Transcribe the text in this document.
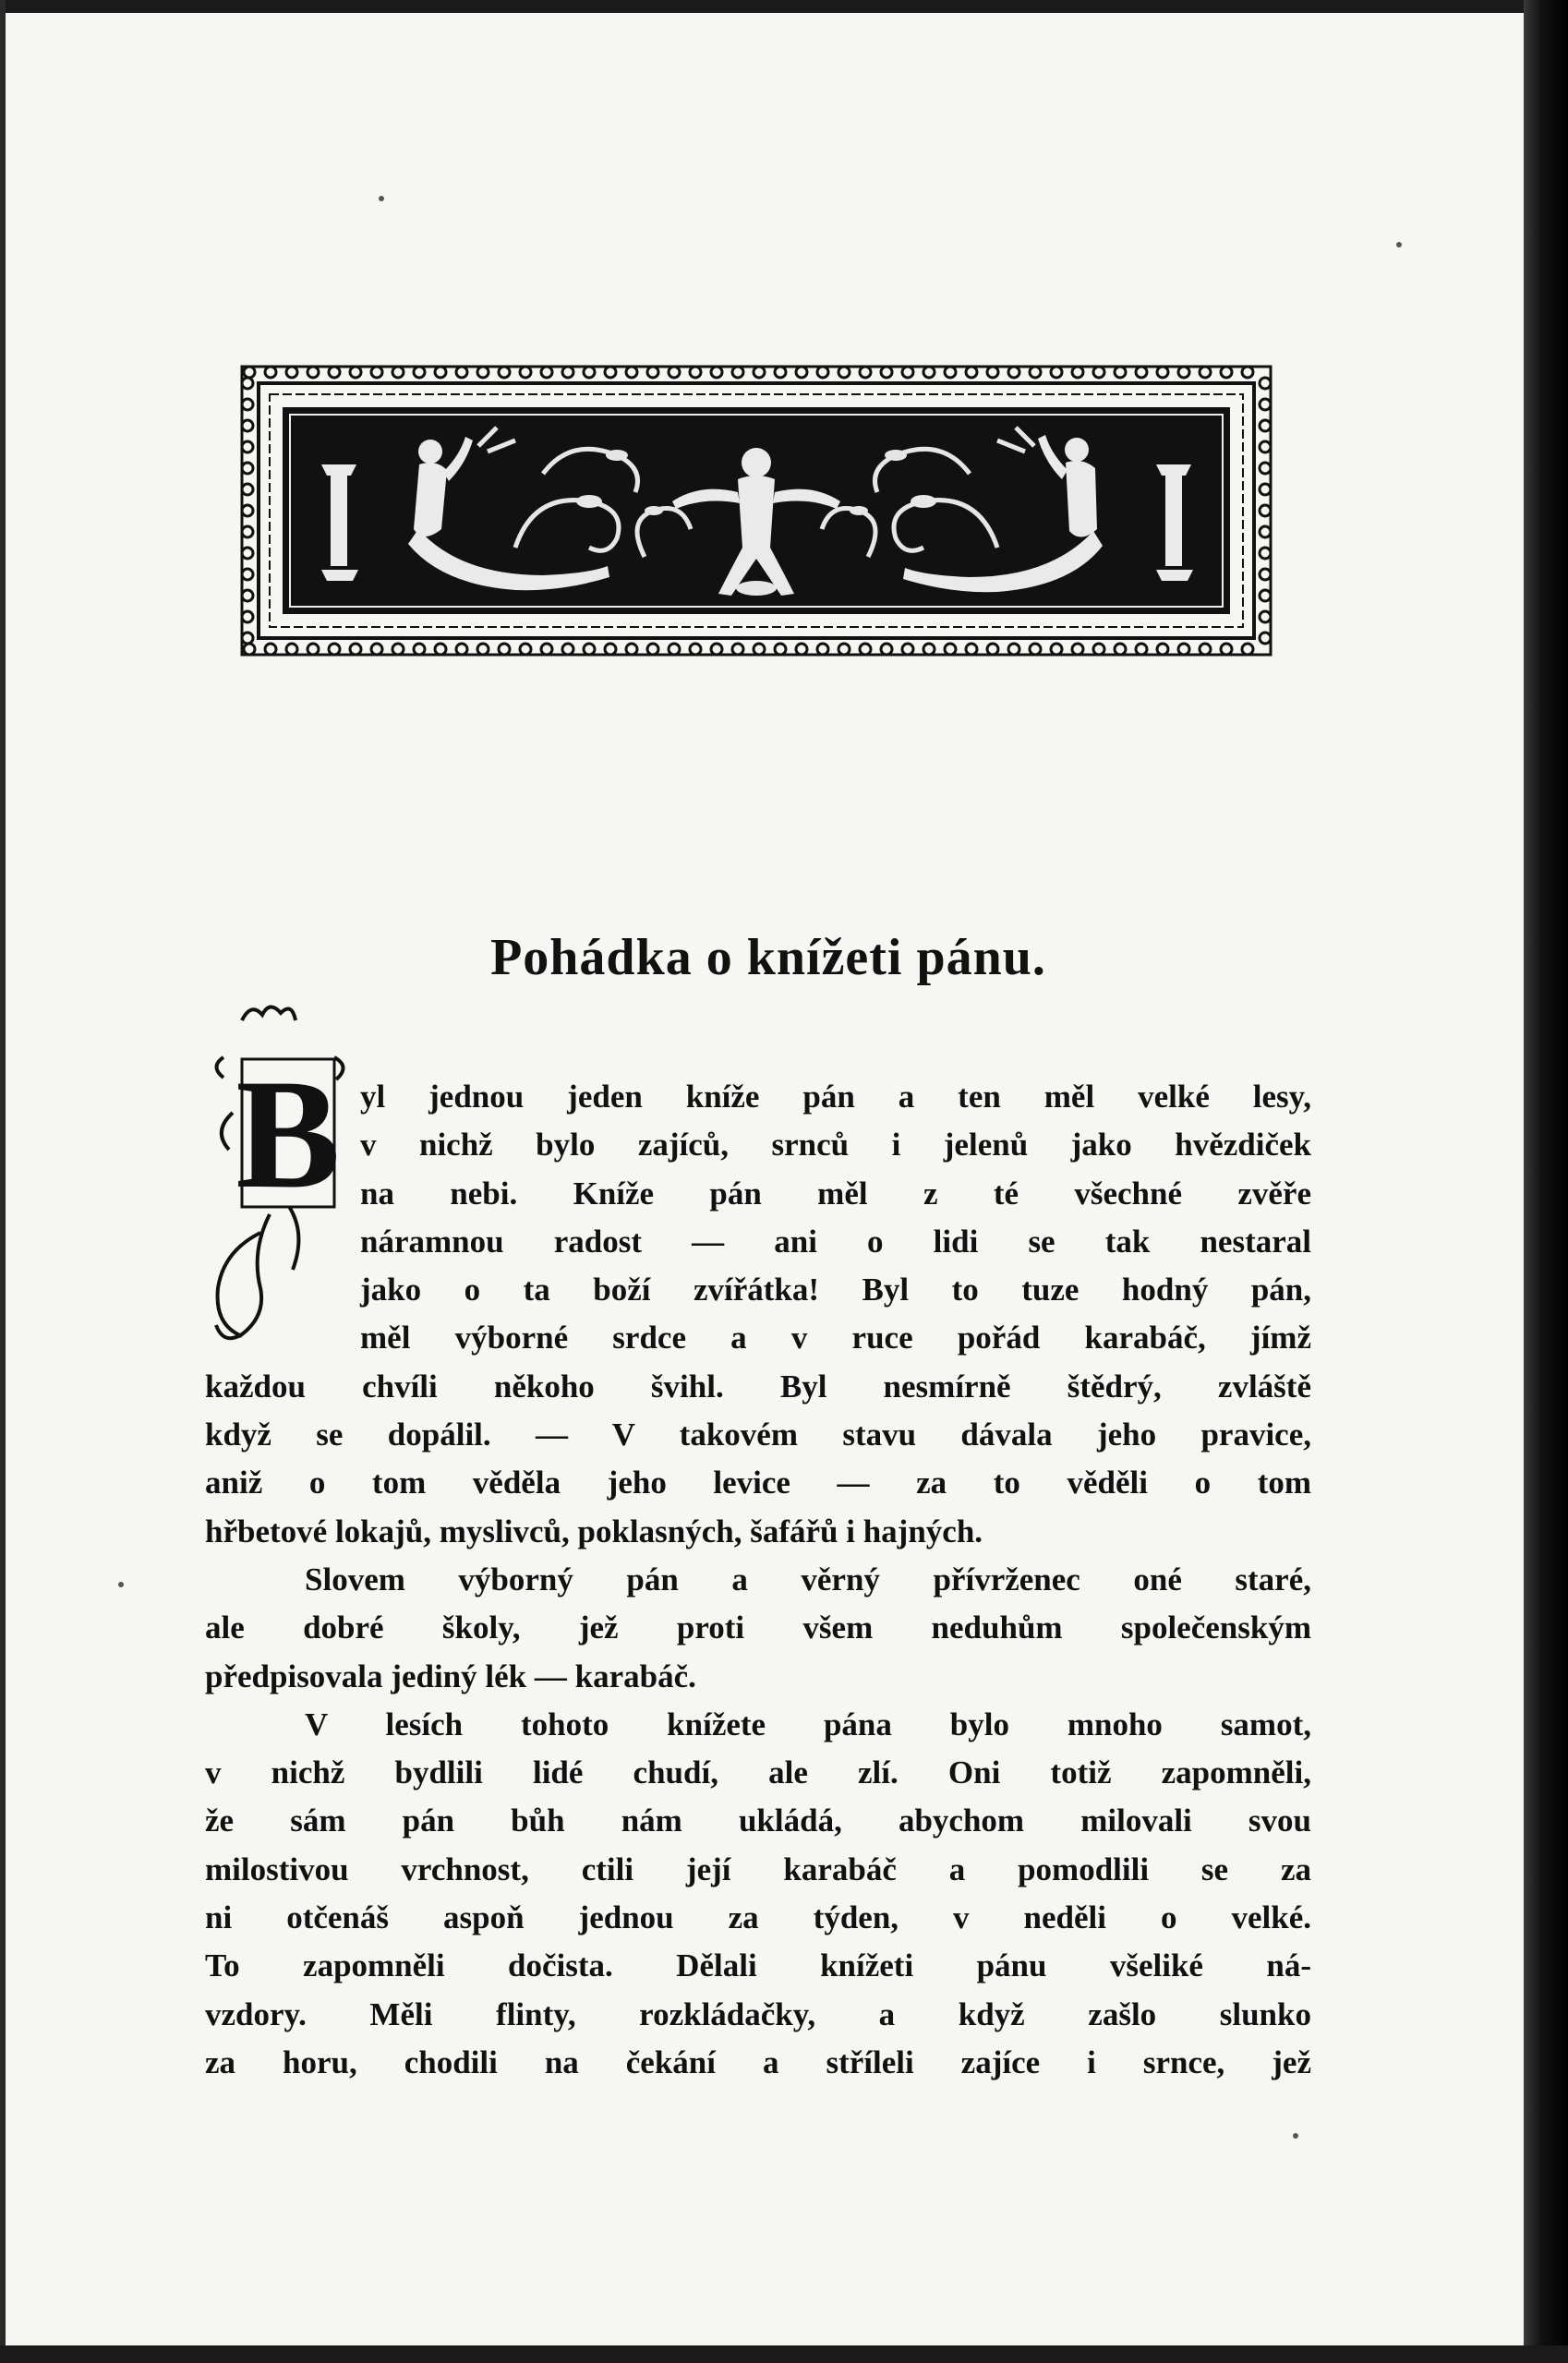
Pohádka o knížeti pánu.
B yl jednou jeden kníže pán a ten měl velké lesy,
v nichž bylo zajíců, srnců i jelenů jako hvězdiček
na nebi. Kníže pán měl z té všechné zvěře
náramnou radost — ani o lidi se tak nestaral
jako o ta boží zvířátka! Byl to tuze hodný pán,
měl výborné srdce a v ruce pořád karabáč, jímž
každou chvíli někoho švihl. Byl nesmírně štědrý, zvláště
když se dopálil. — V takovém stavu dávala jeho pravice,
aniž o tom věděla jeho levice — za to věděli o tom
hřbetové lokajů, myslivců, poklasných, šafářů i hajných.
Slovem výborný pán a věrný přívrženec oné staré,
ale dobré školy, jež proti všem neduhům společenským
předpisovala jediný lék — karabáč.
V lesích tohoto knížete pána bylo mnoho samot,
v nichž bydlili lidé chudí, ale zlí. Oni totiž zapomněli,
že sám pán bůh nám ukládá, abychom milovali svou
milostivou vrchnost, ctili její karabáč a pomodlili se za
ni otčenáš aspoň jednou za týden, v neděli o velké.
To zapomněli dočista. Dělali knížeti pánu všeliké ná-
vzdory. Měli flinty, rozkládačky, a když zašlo slunko
za horu, chodili na čekání a stříleli zajíce i srnce, jež
